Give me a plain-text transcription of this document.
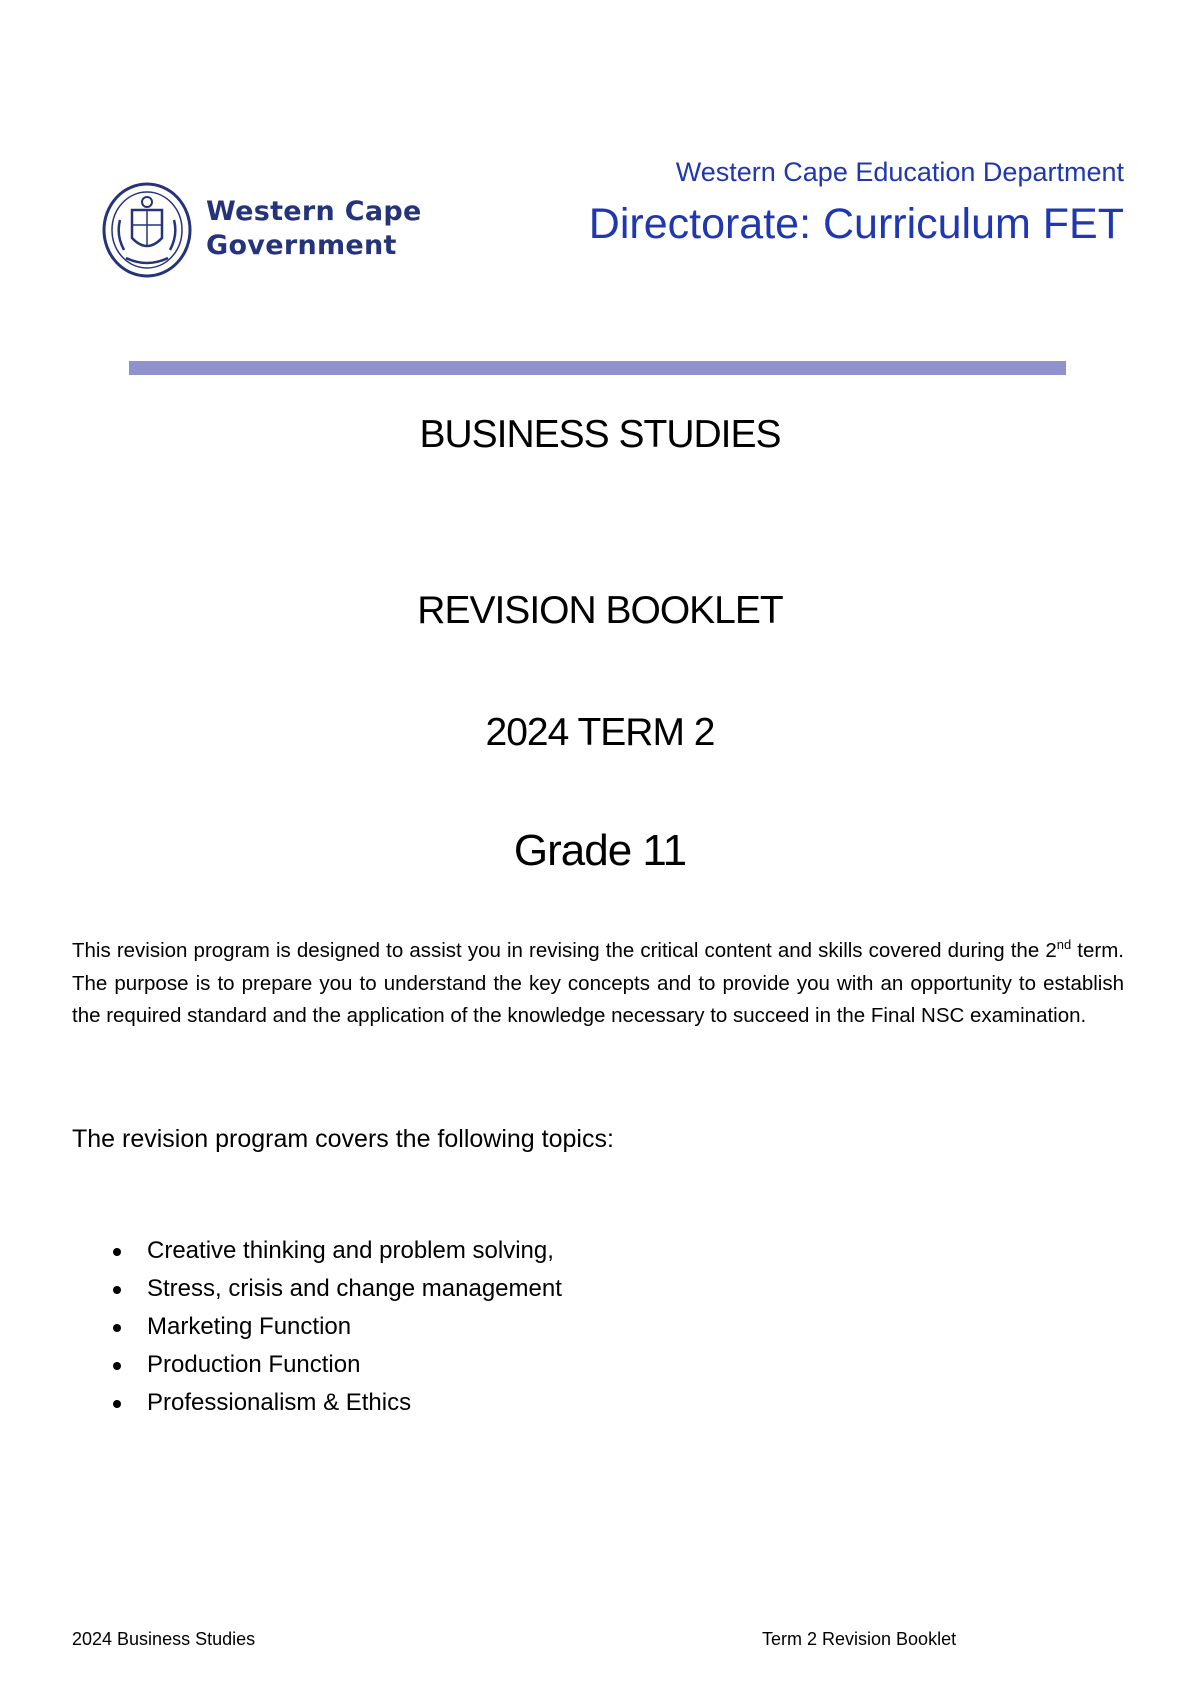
Western Cape
Government
Western Cape Education Department
Directorate: Curriculum FET
BUSINESS STUDIES
REVISION BOOKLET
2024 TERM 2
Grade 11
This revision program is designed to assist you in revising the critical content and skills covered during the 2nd term. The purpose is to prepare you to understand the key concepts and to provide you with an opportunity to establish the required standard and the application of the knowledge necessary to succeed in the Final NSC examination.
The revision program covers the following topics:
Creative thinking and problem solving,
Stress, crisis and change management
Marketing Function
Production Function
Professionalism & Ethics
2024 Business Studies	Term 2 Revision Booklet
